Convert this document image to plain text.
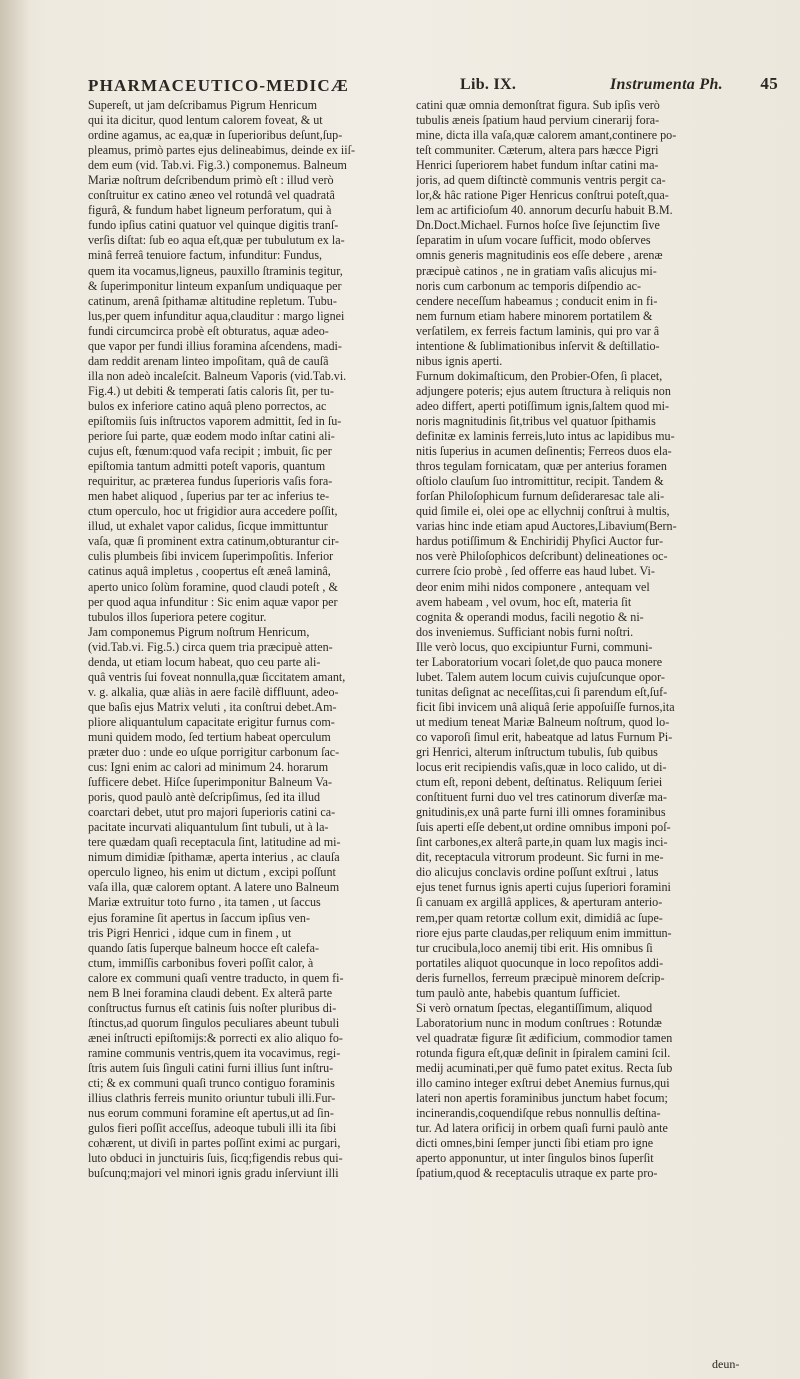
PHARMACEUTICO-MEDICÆ	Lib. IX.	Instrumenta Ph. 45
Supereſt, ut jam deſcribamus Pigrum Henricum
qui ita dicitur, quod lentum calorem foveat, & ut
ordine agamus, ac ea,quæ in ſuperioribus deſunt,ſup-
pleamus, primò partes ejus delineabimus, deinde ex iiſ-
dem eum (vid. Tab.vi. Fig.3.) componemus. Balneum
Mariæ noſtrum deſcribendum primò eſt : illud verò
conſtruitur ex catino æneo vel rotundâ vel quadratâ
figurâ, & fundum habet ligneum perforatum, qui à
fundo ipſius catini quatuor vel quinque digitis tranſ-
verſis diſtat: ſub eo aqua eſt,quæ per tubulutum ex la-
minâ ferreâ tenuiore factum, infunditur: Fundus,
quem ita vocamus,ligneus, pauxillo ſtraminis tegitur,
& ſuperimponitur linteum expanſum undiquaque per
catinum, arenâ ſpithamæ altitudine repletum. Tubu-
lus,per quem infunditur aqua,clauditur : margo lignei
fundi circumcirca probè eſt obturatus, aquæ adeo-
que vapor per fundi illius foramina aſcendens, madi-
dam reddit arenam linteo impoſitam, quâ de cauſâ
illa non adeò incaleſcit. Balneum Vaporis (vid.Tab.vi.
Fig.4.) ut debiti & temperati ſatis caloris ſit, per tu-
bulos ex inferiore catino aquâ pleno porrectos, ac
epiſtomiis ſuis inſtructos vaporem admittit, ſed in ſu-
periore ſui parte, quæ eodem modo inſtar catini ali-
cujus eſt, fœnum:quod vafa recipit ; imbuit, ſic per
epiſtomia tantum admitti poteſt vaporis, quantum
requiritur, ac præterea fundus ſuperioris vaſis fora-
men habet aliquod , ſuperius par ter ac inferius te-
ctum operculo, hoc ut frigidior aura accedere poſſit,
illud, ut exhalet vapor calidus, ſicque immittuntur
vaſa, quæ ſi prominent extra catinum,obturantur cir-
culis plumbeis ſibi invicem ſuperimpoſitis. Inferior
catinus aquâ impletus , coopertus eſt æneâ laminâ,
aperto unico ſolùm foramine, quod claudi poteſt , &
per quod aqua infunditur : Sic enim aquæ vapor per
tubulos illos ſuperiora petere cogitur.
Jam componemus Pigrum noſtrum Henricum,
(vid.Tab.vi. Fig.5.) circa quem tria præcipuè atten-
denda, ut etiam locum habeat, quo ceu parte ali-
quâ ventris ſui foveat nonnulla,quæ ſiccitatem amant,
v. g. alkalia, quæ aliàs in aere facilè diffluunt, adeo-
que baſis ejus Matrix veluti , ita conſtrui debet.Am-
pliore aliquantulum capacitate erigitur furnus com-
muni quidem modo, ſed tertium habeat operculum
præter duo : unde eo uſque porrigitur carbonum ſac-
cus: Igni enim ac calori ad minimum 24. horarum
ſufficere debet. Hiſce ſuperimponitur Balneum Va-
poris, quod paulò antè deſcripſimus, ſed ita illud
coarctari debet, utut pro majori ſuperioris catini ca-
pacitate incurvati aliquantulum ſint tubuli, ut à la-
tere quædam quaſi receptacula ſint, latitudine ad mi-
nimum dimidiæ ſpithamæ, aperta interius , ac clauſa
operculo ligneo, his enim ut dictum , excipi poſſunt
vaſa illa, quæ calorem optant. A latere uno Balneum
Mariæ extruitur toto furno , ita tamen , ut ſaccus
ejus foramine ſit apertus in ſaccum ipſius ven-
tris Pigri Henrici , idque cum in finem , ut
quando ſatis ſuperque balneum hocce eſt calefa-
ctum, immiſſis carbonibus foveri poſſit calor, à
calore ex communi quaſi ventre traducto, in quem fi-
nem B lnei foramina claudi debent. Ex alterâ parte
conſtructus furnus eſt catinis ſuis noſter pluribus di-
ſtinctus,ad quorum ſingulos peculiares abeunt tubuli
ænei inſtructi epiſtomijs:& porrecti ex alio aliquo fo-
ramine communis ventris,quem ita vocavimus, regi-
ſtris autem ſuis ſinguli catini furni illius ſunt inſtru-
cti; & ex communi quaſi trunco contiguo foraminis
illius clathris ferreis munito oriuntur tubuli illi.Fur-
nus eorum communi foramine eſt apertus,ut ad ſin-
gulos fieri poſſit acceſſus, adeoque tubuli illi ita ſibi
cohærent, ut diviſi in partes poſſint eximi ac purgari,
luto obduci in junctuiris ſuis, ſicq;figendis rebus qui-
buſcunq;majori vel minori ignis gradu inſerviunt illi
catini quæ omnia demonſtrat figura. Sub ipſis verò
tubulis æneis ſpatium haud pervium cinerarij fora-
mine, dicta illa vaſa,quæ calorem amant,continere po-
teſt communiter. Cæterum, altera pars hæcce Pigri
Henrici ſuperiorem habet fundum inſtar catini ma-
joris, ad quem diſtinctè communis ventris pergit ca-
lor,& hâc ratione Piger Henricus conſtrui poteſt,qua-
lem ac artificioſum 40. annorum decurſu habuit B.M.
Dn.Doct.Michael. Furnos hoſce ſive ſejunctim ſive
ſeparatim in uſum vocare ſufficit, modo obſerves
omnis generis magnitudinis eos eſſe debere , arenæ
præcipuè catinos , ne in gratiam vaſis alicujus mi-
noris cum carbonum ac temporis diſpendio ac-
cendere neceſſum habeamus ; conducit enim in fi-
nem furnum etiam habere minorem portatilem &
verſatilem, ex ferreis factum laminis, qui pro var â
intentione & ſublimationibus inſervit & deſtillatio-
nibus ignis aperti.
Furnum dokimaſticum, den Probier-Ofen, ſi placet,
adjungere poteris; ejus autem ſtructura à reliquis non
adeo differt, aperti potiſſimum ignis,ſaltem quod mi-
noris magnitudinis ſit,tribus vel quatuor ſpithamis
definitæ ex laminis ferreis,luto intus ac lapidibus mu-
nitis ſuperius in acumen deſinentis; Ferreos duos ela-
thros tegulam fornicatam, quæ per anterius foramen
oſtiolo clauſum ſuo intromittitur, recipit. Tandem &
forſan Philoſophicum furnum deſideraresac tale ali-
quid ſimile ei, olei ope ac ellychnij conſtrui à multis,
varias hinc inde etiam apud Auctores,Libavium(Bern-
hardus potiſſimum & Enchiridij Phyſici Auctor fur-
nos verè Philoſophicos deſcribunt) delineationes oc-
currere ſcio probè , ſed offerre eas haud lubet. Vi-
deor enim mihi nidos componere , antequam vel
avem habeam , vel ovum, hoc eſt, materia ſit
cognita & operandi modus, facili negotio & ni-
dos inveniemus. Sufficiant nobis furni noſtri.
Ille verò locus, quo excipiuntur Furni, communi-
ter Laboratorium vocari ſolet,de quo pauca monere
lubet. Talem autem locum cuivis cujuſcunque opor-
tunitas deſignat ac neceſſitas,cui ſi parendum eſt,ſuf-
ficit ſibi invicem unâ aliquâ ſerie appoſuiſſe furnos,ita
ut medium teneat Mariæ Balneum noſtrum, quod lo-
co vaporoſi ſimul erit, habeatque ad latus Furnum Pi-
gri Henrici, alterum inſtructum tubulis, ſub quibus
locus erit recipiendis vaſis,quæ in loco calido, ut di-
ctum eſt, reponi debent, deſtinatus. Reliquum ſeriei
conſtituent furni duo vel tres catinorum diverſæ ma-
gnitudinis,ex unâ parte furni illi omnes foraminibus
ſuis aperti eſſe debent,ut ordine omnibus imponi poſ-
ſint carbones,ex alterâ parte,in quam lux magis inci-
dit, receptacula vitrorum prodeunt. Sic furni in me-
dio alicujus conclavis ordine poſſunt exſtrui , latus
ejus tenet furnus ignis aperti cujus ſuperiori foramini
ſi canuam ex argillâ applices, & aperturam anterio-
rem,per quam retortæ collum exit, dimidiâ ac ſupe-
riore ejus parte claudas,per reliquum enim immittun-
tur crucibula,loco anemij tibi erit. His omnibus ſi
portatiles aliquot quocunque in loco repoſitos addi-
deris furnellos, ferreum præcipuè minorem deſcrip-
tum paulò ante, habebis quantum ſufficiet.
Si verò ornatum ſpectas, elegantiſſimum, aliquod
Laboratorium nunc in modum conſtrues : Rotundæ
vel quadratæ figuræ ſit ædificium, commodior tamen
rotunda figura eſt,quæ deſinit in ſpiralem camini ſcil.
medij acuminati,per quē fumo patet exitus. Recta ſub
illo camino integer exſtrui debet Anemius furnus,qui
lateri non apertis foraminibus junctum habet focum;
incinerandis,coquendiſque rebus nonnullis deſtina-
tur. Ad latera orificij in orbem quaſi furni paulò ante
dicti omnes,bini ſemper juncti ſibi etiam pro igne
aperto apponuntur, ut inter ſingulos binos ſuperſit
ſpatium,quod & receptaculis utraque ex parte pro-
deun-
